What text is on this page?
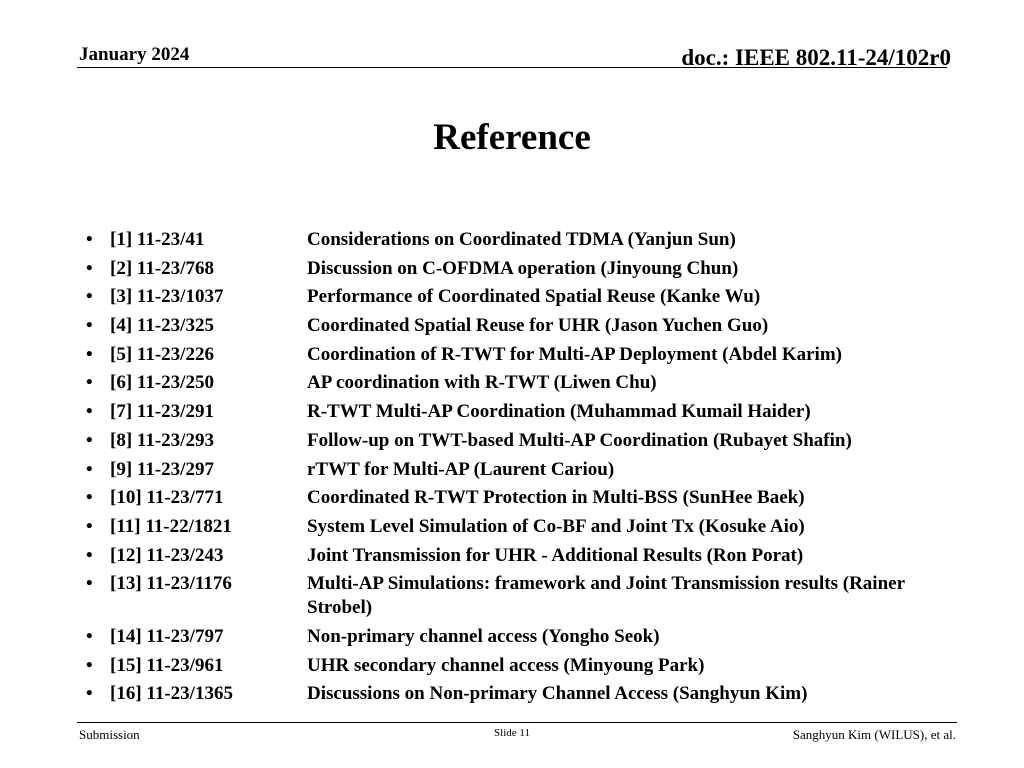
January 2024	doc.: IEEE 802.11-24/102r0
Reference
• [1] 11-23/41	Considerations on Coordinated TDMA (Yanjun Sun)
• [2] 11-23/768	Discussion on C-OFDMA operation (Jinyoung Chun)
• [3] 11-23/1037	Performance of Coordinated Spatial Reuse (Kanke Wu)
• [4] 11-23/325	Coordinated Spatial Reuse for UHR (Jason Yuchen Guo)
• [5] 11-23/226	Coordination of R-TWT for Multi-AP Deployment (Abdel Karim)
• [6] 11-23/250	AP coordination with R-TWT (Liwen Chu)
• [7] 11-23/291	R-TWT Multi-AP Coordination (Muhammad Kumail Haider)
• [8] 11-23/293	Follow-up on TWT-based Multi-AP Coordination (Rubayet Shafin)
• [9] 11-23/297	rTWT for Multi-AP (Laurent Cariou)
• [10] 11-23/771	Coordinated R-TWT Protection in Multi-BSS (SunHee Baek)
• [11] 11-22/1821	System Level Simulation of Co-BF and Joint Tx (Kosuke Aio)
• [12] 11-23/243	Joint Transmission for UHR - Additional Results (Ron Porat)
• [13] 11-23/1176	Multi-AP Simulations: framework and Joint Transmission results (Rainer Strobel)
• [14] 11-23/797	Non-primary channel access (Yongho Seok)
• [15] 11-23/961	UHR secondary channel access (Minyoung Park)
• [16] 11-23/1365	Discussions on Non-primary Channel Access (Sanghyun Kim)
Submission	Slide 11	Sanghyun Kim (WILUS), et al.
